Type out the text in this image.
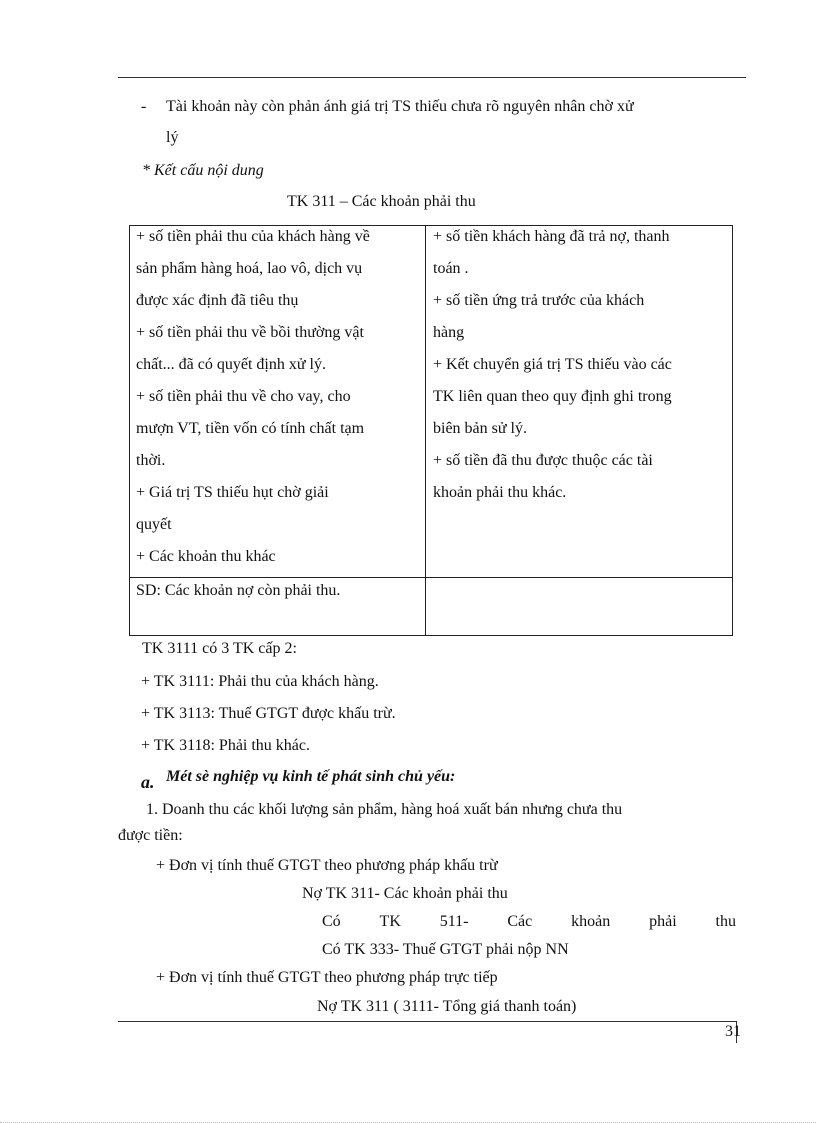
- Tài khoản này còn phản ánh giá trị TS thiếu chưa rõ nguyên nhân chờ xử
lý
* Kết cấu nội dung
TK 311 – Các khoản phải thu
+ số tiền phải thu của khách hàng về
sản phẩm hàng hoá, lao vô, dịch vụ
được xác định đã tiêu thụ
+ số tiền phải thu về bồi thường vật
chất... đã có quyết định xử lý.
+ số tiền phải thu về cho vay, cho
mượn VT, tiền vốn có tính chất tạm
thời.
+ Giá trị TS thiếu hụt chờ giải
quyết
+ Các khoản thu khác
+ số tiền khách hàng đã trả nợ, thanh
toán .
+ số tiền ứng trả trước của khách
hàng
+ Kết chuyển giá trị TS thiếu vào các
TK liên quan theo quy định ghi trong
biên bản sử lý.
+ số tiền đã thu được thuộc các tài
khoản phải thu khác.
SD: Các khoản nợ còn phải thu.
TK 3111 có 3 TK cấp 2:
+ TK 3111: Phải thu của khách hàng.
+ TK 3113: Thuế GTGT được khấu trừ.
+ TK 3118: Phải thu khác.
a. Mét sè nghiệp vụ kinh tế phát sinh chủ yếu:
1. Doanh thu các khối lượng sản phẩm, hàng hoá xuất bán nhưng chưa thu
được tiền:
+ Đơn vị tính thuế GTGT theo phương pháp khấu trừ
Nợ TK 311- Các khoản phải thu
Có TK 511- Các khoản phải thu
Có TK 333- Thuế GTGT phải nộp NN
+ Đơn vị tính thuế GTGT theo phương pháp trực tiếp
Nợ TK 311 ( 3111- Tổng giá thanh toán)
31
